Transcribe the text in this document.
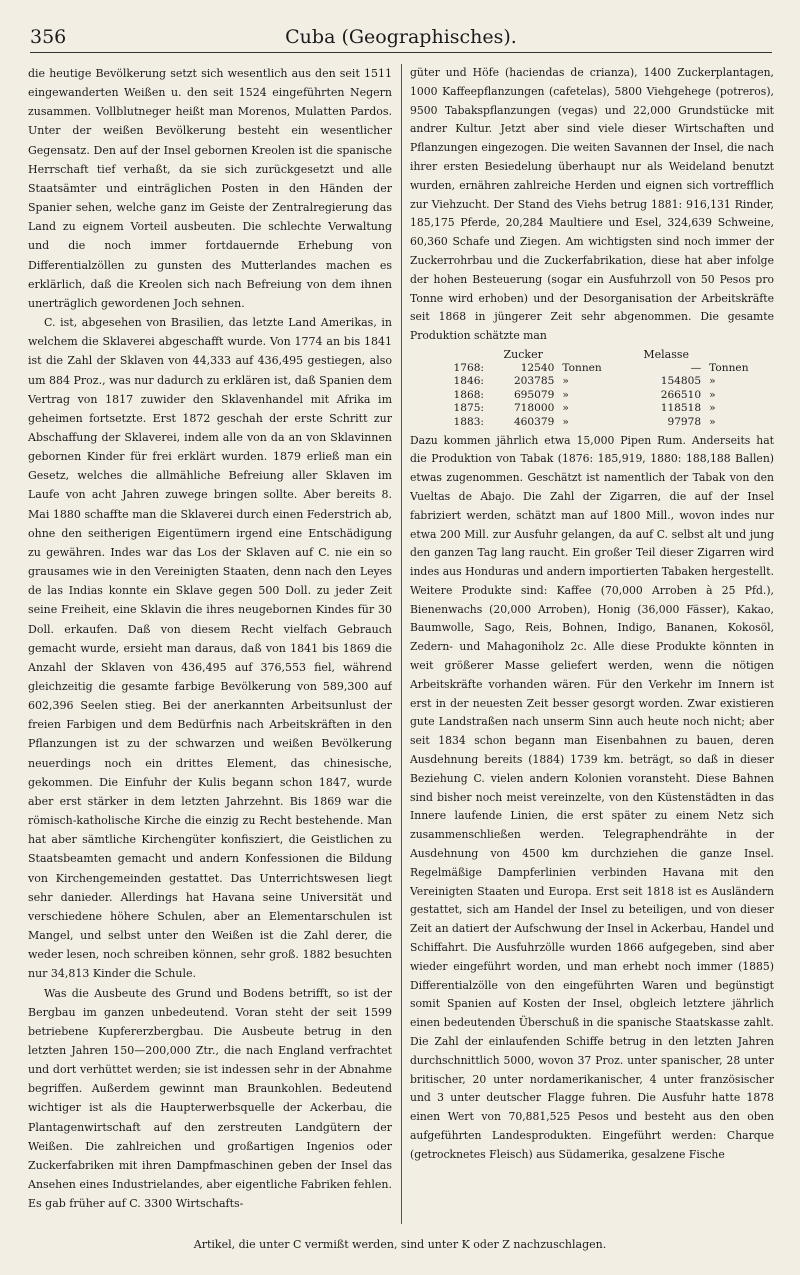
356	Cuba (Geographisches).

die heutige Bevölkerung setzt sich wesentlich aus den seit 1511 eingewanderten Weißen u. den seit 1524 eingeführten Negern zusammen. Vollblutneger heißt man Morenos, Mulatten Pardos. Unter der weißen Bevölkerung besteht ein wesentlicher Gegensatz. Den auf der Insel gebornen Kreolen ist die spanische Herrschaft tief verhaßt, da sie sich zurückgesetzt und alle Staatsämter und einträglichen Posten in den Händen der Spanier sehen, welche ganz im Geiste der Zentralregierung das Land zu eignem Vorteil ausbeuten. Die schlechte Verwaltung und die noch immer fortdauernde Erhebung von Differentialzöllen zu gunsten des Mutterlandes machen es erklärlich, daß die Kreolen sich nach Befreiung von dem ihnen unerträglich gewordenen Joch sehnen.

C. ist, abgesehen von Brasilien, das letzte Land Amerikas, in welchem die Sklaverei abgeschafft wurde. Von 1774 an bis 1841 ist die Zahl der Sklaven von 44,333 auf 436,495 gestiegen, also um 884 Proz., was nur dadurch zu erklären ist, daß Spanien dem Vertrag von 1817 zuwider den Sklavenhandel mit Afrika im geheimen fortsetzte. Erst 1872 geschah der erste Schritt zur Abschaffung der Sklaverei, indem alle von da an von Sklavinnen gebornen Kinder für frei erklärt wurden. 1879 erließ man ein Gesetz, welches die allmähliche Befreiung aller Sklaven im Laufe von acht Jahren zuwege bringen sollte. Aber bereits 8. Mai 1880 schaffte man die Sklaverei durch einen Federstrich ab, ohne den seitherigen Eigentümern irgend eine Entschädigung zu gewähren. Indes war das Los der Sklaven auf C. nie ein so grausames wie in den Vereinigten Staaten, denn nach den Leyes de las Indias konnte ein Sklave gegen 500 Doll. zu jeder Zeit seine Freiheit, eine Sklavin die ihres neugebornen Kindes für 30 Doll. erkaufen. Daß von diesem Recht vielfach Gebrauch gemacht wurde, ersieht man daraus, daß von 1841 bis 1869 die Anzahl der Sklaven von 436,495 auf 376,553 fiel, während gleichzeitig die gesamte farbige Bevölkerung von 589,300 auf 602,396 Seelen stieg. Bei der anerkannten Arbeitsunlust der freien Farbigen und dem Bedürfnis nach Arbeitskräften in den Pflanzungen ist zu der schwarzen und weißen Bevölkerung neuerdings noch ein drittes Element, das chinesische, gekommen. Die Einfuhr der Kulis begann schon 1847, wurde aber erst stärker in dem letzten Jahrzehnt. Bis 1869 war die römisch-katholische Kirche die einzig zu Recht bestehende. Man hat aber sämtliche Kirchengüter konfisziert, die Geistlichen zu Staatsbeamten gemacht und andern Konfessionen die Bildung von Kirchengemeinden gestattet. Das Unterrichtswesen liegt sehr danieder. Allerdings hat Havana seine Universität und verschiedene höhere Schulen, aber an Elementarschulen ist Mangel, und selbst unter den Weißen ist die Zahl derer, die weder lesen, noch schreiben können, sehr groß. 1882 besuchten nur 34,813 Kinder die Schule.

Was die Ausbeute des Grund und Bodens betrifft, so ist der Bergbau im ganzen unbedeutend. Voran steht der seit 1599 betriebene Kupfererzbergbau. Die Ausbeute betrug in den letzten Jahren 150—200,000 Ztr., die nach England verfrachtet und dort verhüttet werden; sie ist indessen sehr in der Abnahme begriffen. Außerdem gewinnt man Braunkohlen. Bedeutend wichtiger ist als die Haupterwerbsquelle der Ackerbau, die Plantagenwirtschaft auf den zerstreuten Landgütern der Weißen. Die zahlreichen und großartigen Ingenios oder Zuckerfabriken mit ihren Dampfmaschinen geben der Insel das Ansehen eines Industrielandes, aber eigentliche Fabriken fehlen. Es gab früher auf C. 3300 Wirtschafts-

güter und Höfe (haciendas de crianza), 1400 Zuckerplantagen, 1000 Kaffeepflanzungen (cafetelas), 5800 Viehgehege (potreros), 9500 Tabakspflanzungen (vegas) und 22,000 Grundstücke mit andrer Kultur. Jetzt aber sind viele dieser Wirtschaften und Pflanzungen eingezogen. Die weiten Savannen der Insel, die nach ihrer ersten Besiedelung überhaupt nur als Weideland benutzt wurden, ernähren zahlreiche Herden und eignen sich vortrefflich zur Viehzucht. Der Stand des Viehs betrug 1881: 916,131 Rinder, 185,175 Pferde, 20,284 Maultiere und Esel, 324,639 Schweine, 60,360 Schafe und Ziegen. Am wichtigsten sind noch immer der Zuckerrohrbau und die Zuckerfabrikation, diese hat aber infolge der hohen Besteuerung (sogar ein Ausfuhrzoll von 50 Pesos pro Tonne wird erhoben) und der Desorganisation der Arbeitskräfte seit 1868 in jüngerer Zeit sehr abgenommen. Die gesamte Produktion schätzte man

	Zucker		Melasse	
1768:	12540	Tonnen	—	Tonnen
1846:	203785	»	154805	»
1868:	695079	»	266510	»
1875:	718000	»	118518	»
1883:	460379	»	97978	»

Dazu kommen jährlich etwa 15,000 Pipen Rum. Anderseits hat die Produktion von Tabak (1876: 185,919, 1880: 188,188 Ballen) etwas zugenommen. Geschätzt ist namentlich der Tabak von den Vueltas de Abajo. Die Zahl der Zigarren, die auf der Insel fabriziert werden, schätzt man auf 1800 Mill., wovon indes nur etwa 200 Mill. zur Ausfuhr gelangen, da auf C. selbst alt und jung den ganzen Tag lang raucht. Ein großer Teil dieser Zigarren wird indes aus Honduras und andern importierten Tabaken hergestellt. Weitere Produkte sind: Kaffee (70,000 Arroben à 25 Pfd.), Bienenwachs (20,000 Arroben), Honig (36,000 Fässer), Kakao, Baumwolle, Sago, Reis, Bohnen, Indigo, Bananen, Kokosöl, Zedern- und Mahagoniholz 2c. Alle diese Produkte könnten in weit größerer Masse geliefert werden, wenn die nötigen Arbeitskräfte vorhanden wären. Für den Verkehr im Innern ist erst in der neuesten Zeit besser gesorgt worden. Zwar existieren gute Landstraßen nach unserm Sinn auch heute noch nicht; aber seit 1834 schon begann man Eisenbahnen zu bauen, deren Ausdehnung bereits (1884) 1739 km. beträgt, so daß in dieser Beziehung C. vielen andern Kolonien voransteht. Diese Bahnen sind bisher noch meist vereinzelte, von den Küstenstädten in das Innere laufende Linien, die erst später zu einem Netz sich zusammenschließen werden. Telegraphendrähte in der Ausdehnung von 4500 km durchziehen die ganze Insel. Regelmäßige Dampferlinien verbinden Havana mit den Vereinigten Staaten und Europa. Erst seit 1818 ist es Ausländern gestattet, sich am Handel der Insel zu beteiligen, und von dieser Zeit an datiert der Aufschwung der Insel in Ackerbau, Handel und Schiffahrt. Die Ausfuhrzölle wurden 1866 aufgegeben, sind aber wieder eingeführt worden, und man erhebt noch immer (1885) Differentialzölle von den eingeführten Waren und begünstigt somit Spanien auf Kosten der Insel, obgleich letztere jährlich einen bedeutenden Überschuß in die spanische Staatskasse zahlt. Die Zahl der einlaufenden Schiffe betrug in den letzten Jahren durchschnittlich 5000, wovon 37 Proz. unter spanischer, 28 unter britischer, 20 unter nordamerikanischer, 4 unter französischer und 3 unter deutscher Flagge fuhren. Die Ausfuhr hatte 1878 einen Wert von 70,881,525 Pesos und besteht aus den oben aufgeführten Landesprodukten. Eingeführt werden: Charque (getrocknetes Fleisch) aus Südamerika, gesalzene Fische

Artikel, die unter C vermißt werden, sind unter K oder Z nachzuschlagen.
